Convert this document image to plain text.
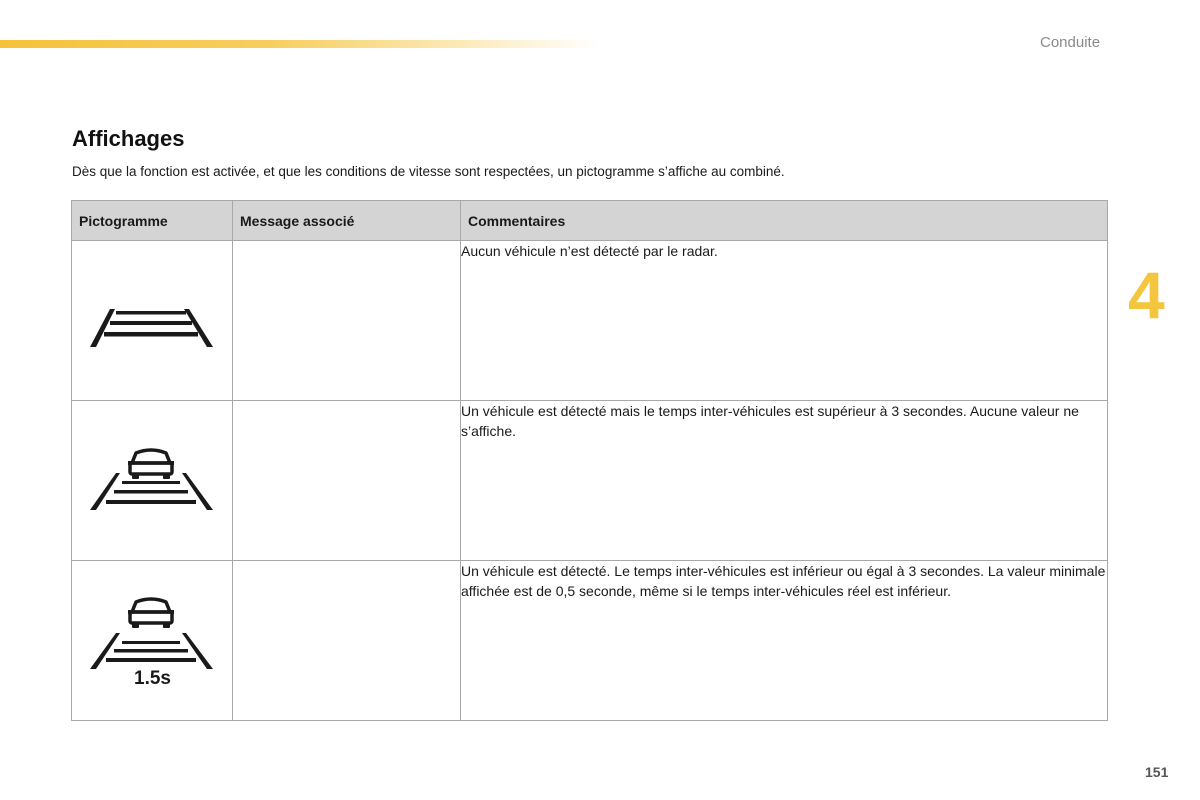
Conduite
4
Affichages

Dès que la fonction est activée, et que les conditions de vitesse sont respectées, un pictogramme s’affiche au combiné.

Pictogramme	Message associé	Commentaires

		Aucun véhicule n’est détecté par le radar.

		Un véhicule est détecté mais le temps inter-véhicules est supérieur à 3 secondes. Aucune valeur ne s’affiche.

1.5s		Un véhicule est détecté. Le temps inter-véhicules est inférieur ou égal à 3 secondes. La valeur minimale affichée est de 0,5 seconde, même si le temps inter-véhicules réel est inférieur.
151
